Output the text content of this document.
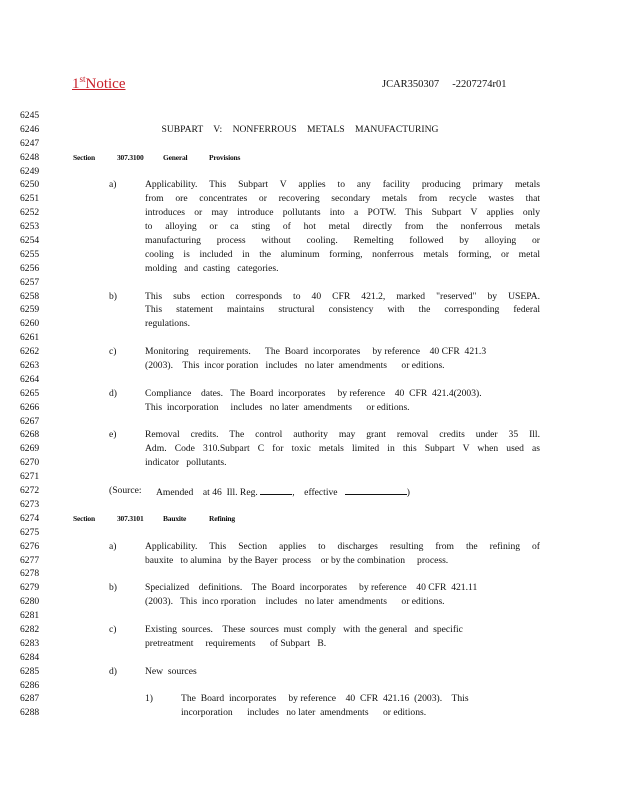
1stNotice	JCAR350307     -2207274r01
6245
6246	SUBPART V: NONFERROUS METALS MANUFACTURING
6247
6248	Section	307.3100	General	Provisions
6249
6250	a)	Applicability. This Subpart V applies to any facility producing primary metals
6251	from ore concentrates or recovering secondary metals from recycle wastes that
6252	introduces or may introduce pollutants into a POTW. This Subpart V applies only
6253	to alloying or ca sting of hot metal directly from the nonferrous metals
6254	manufacturing process without cooling. Remelting followed by alloying or
6255	cooling is included in the aluminum forming, nonferrous metals forming, or metal
6256	molding   and  casting   categories.
6257
6258	b)	This subs ection corresponds to 40 CFR 421.2, marked "reserved" by USEPA.
6259	This statement maintains structural consistency with the corresponding federal
6260	regulations.
6261
6262	c)	Monitoring    requirements.      The  Board  incorporates     by reference    40 CFR  421.3
6263	(2003).    This  incor poration   includes   no later  amendments      or editions.
6264
6265	d)	Compliance    dates.   The  Board  incorporates     by reference    40  CFR  421.4(2003).
6266	This  incorporation     includes   no later  amendments      or editions.
6267
6268	e)	Removal credits. The control authority may grant removal credits under 35 Ill.
6269	Adm. Code 310.Subpart C for toxic metals limited in this Subpart V when used as
6270	indicator   pollutants.
6271
6272	(Source: Amended    at 46  Ill. Reg.	,    effective	)
6273
6274	Section	307.3101	Bauxite	Refining
6275
6276	a)	Applicability. This Section applies to discharges resulting from the refining of
6277	bauxite   to alumina   by the Bayer  process    or by the combination     process.
6278
6279	b)	Specialized    definitions.    The  Board  incorporates     by reference    40 CFR  421.11
6280	(2003).   This  inco rporation    includes   no later  amendments      or editions.
6281
6282	c)	Existing  sources.    These  sources  must  comply   with  the general   and  specific
6283	pretreatment     requirements      of Subpart   B.
6284
6285	d)	New  sources
6286
6287	1)	The  Board  incorporates     by reference    40  CFR  421.16  (2003).    This
6288	incorporation      includes   no later  amendments      or editions.
